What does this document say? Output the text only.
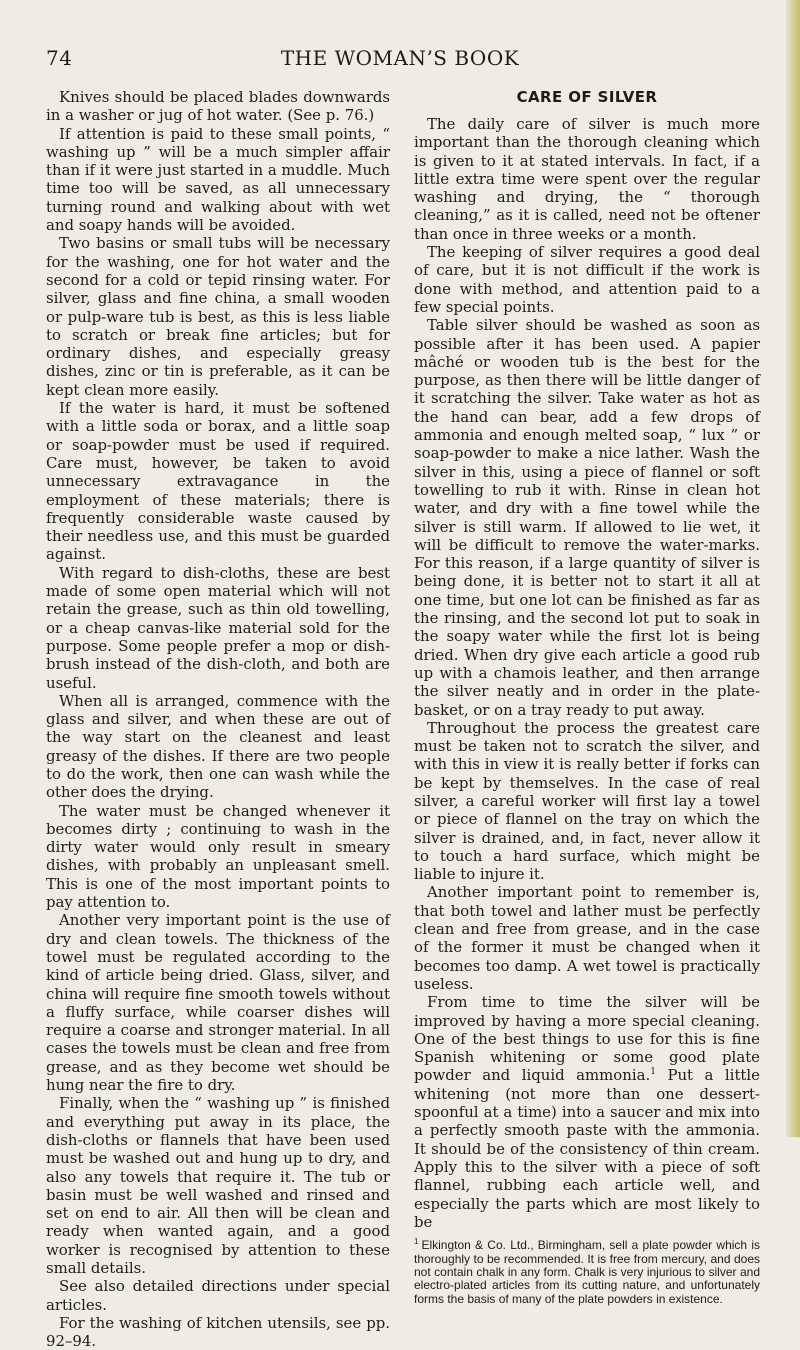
74	THE WOMAN’S BOOK

Knives should be placed blades downwards in a washer or jug of hot water. (See p. 76.)

If attention is paid to these small points, “ washing up ” will be a much simpler affair than if it were just started in a muddle. Much time too will be saved, as all unnecessary turning round and walking about with wet and soapy hands will be avoided.

Two basins or small tubs will be necessary for the washing, one for hot water and the second for a cold or tepid rinsing water. For silver, glass and fine china, a small wooden or pulp-ware tub is best, as this is less liable to scratch or break fine articles; but for ordinary dishes, and especially greasy dishes, zinc or tin is preferable, as it can be kept clean more easily.

If the water is hard, it must be softened with a little soda or borax, and a little soap or soap-powder must be used if required. Care must, however, be taken to avoid unnecessary extravagance in the employment of these materials; there is frequently considerable waste caused by their needless use, and this must be guarded against.

With regard to dish-cloths, these are best made of some open material which will not retain the grease, such as thin old towelling, or a cheap canvas-like material sold for the purpose. Some people prefer a mop or dish-brush instead of the dish-cloth, and both are useful.

When all is arranged, commence with the glass and silver, and when these are out of the way start on the cleanest and least greasy of the dishes. If there are two people to do the work, then one can wash while the other does the drying.

The water must be changed whenever it becomes dirty ; continuing to wash in the dirty water would only result in smeary dishes, with probably an unpleasant smell. This is one of the most important points to pay attention to.

Another very important point is the use of dry and clean towels. The thickness of the towel must be regulated according to the kind of article being dried. Glass, silver, and china will require fine smooth towels without a fluffy surface, while coarser dishes will require a coarse and stronger material. In all cases the towels must be clean and free from grease, and as they become wet should be hung near the fire to dry.

Finally, when the “ washing up ” is finished and everything put away in its place, the dish-cloths or flannels that have been used must be washed out and hung up to dry, and also any towels that require it. The tub or basin must be well washed and rinsed and set on end to air. All then will be clean and ready when wanted again, and a good worker is recognised by attention to these small details.

See also detailed directions under special articles.

For the washing of kitchen utensils, see pp. 92–94.

CARE OF SILVER

The daily care of silver is much more important than the thorough cleaning which is given to it at stated intervals. In fact, if a little extra time were spent over the regular washing and drying, the “ thorough cleaning,” as it is called, need not be oftener than once in three weeks or a month.

The keeping of silver requires a good deal of care, but it is not difficult if the work is done with method, and attention paid to a few special points.

Table silver should be washed as soon as possible after it has been used. A papier mâché or wooden tub is the best for the purpose, as then there will be little danger of it scratching the silver. Take water as hot as the hand can bear, add a few drops of ammonia and enough melted soap, “ lux ” or soap-powder to make a nice lather. Wash the silver in this, using a piece of flannel or soft towelling to rub it with. Rinse in clean hot water, and dry with a fine towel while the silver is still warm. If allowed to lie wet, it will be difficult to remove the water-marks. For this reason, if a large quantity of silver is being done, it is better not to start it all at one time, but one lot can be finished as far as the rinsing, and the second lot put to soak in the soapy water while the first lot is being dried. When dry give each article a good rub up with a chamois leather, and then arrange the silver neatly and in order in the plate-basket, or on a tray ready to put away.

Throughout the process the greatest care must be taken not to scratch the silver, and with this in view it is really better if forks can be kept by themselves. In the case of real silver, a careful worker will first lay a towel or piece of flannel on the tray on which the silver is drained, and, in fact, never allow it to touch a hard surface, which might be liable to injure it.

Another important point to remember is, that both towel and lather must be perfectly clean and free from grease, and in the case of the former it must be changed when it becomes too damp. A wet towel is practically useless.

From time to time the silver will be improved by having a more special cleaning. One of the best things to use for this is fine Spanish whitening or some good plate powder and liquid ammonia.$^1$ Put a little whitening (not more than one dessert-spoonful at a time) into a saucer and mix into a perfectly smooth paste with the ammonia. It should be of the consistency of thin cream. Apply this to the silver with a piece of soft flannel, rubbing each article well, and especially the parts which are most likely to be

$^1$ Elkington & Co. Ltd., Birmingham, sell a plate powder which is thoroughly to be recommended. It is free from mercury, and does not contain chalk in any form. Chalk is very injurious to silver and electro-plated articles from its cutting nature, and unfortunately forms the basis of many of the plate powders in existence.
